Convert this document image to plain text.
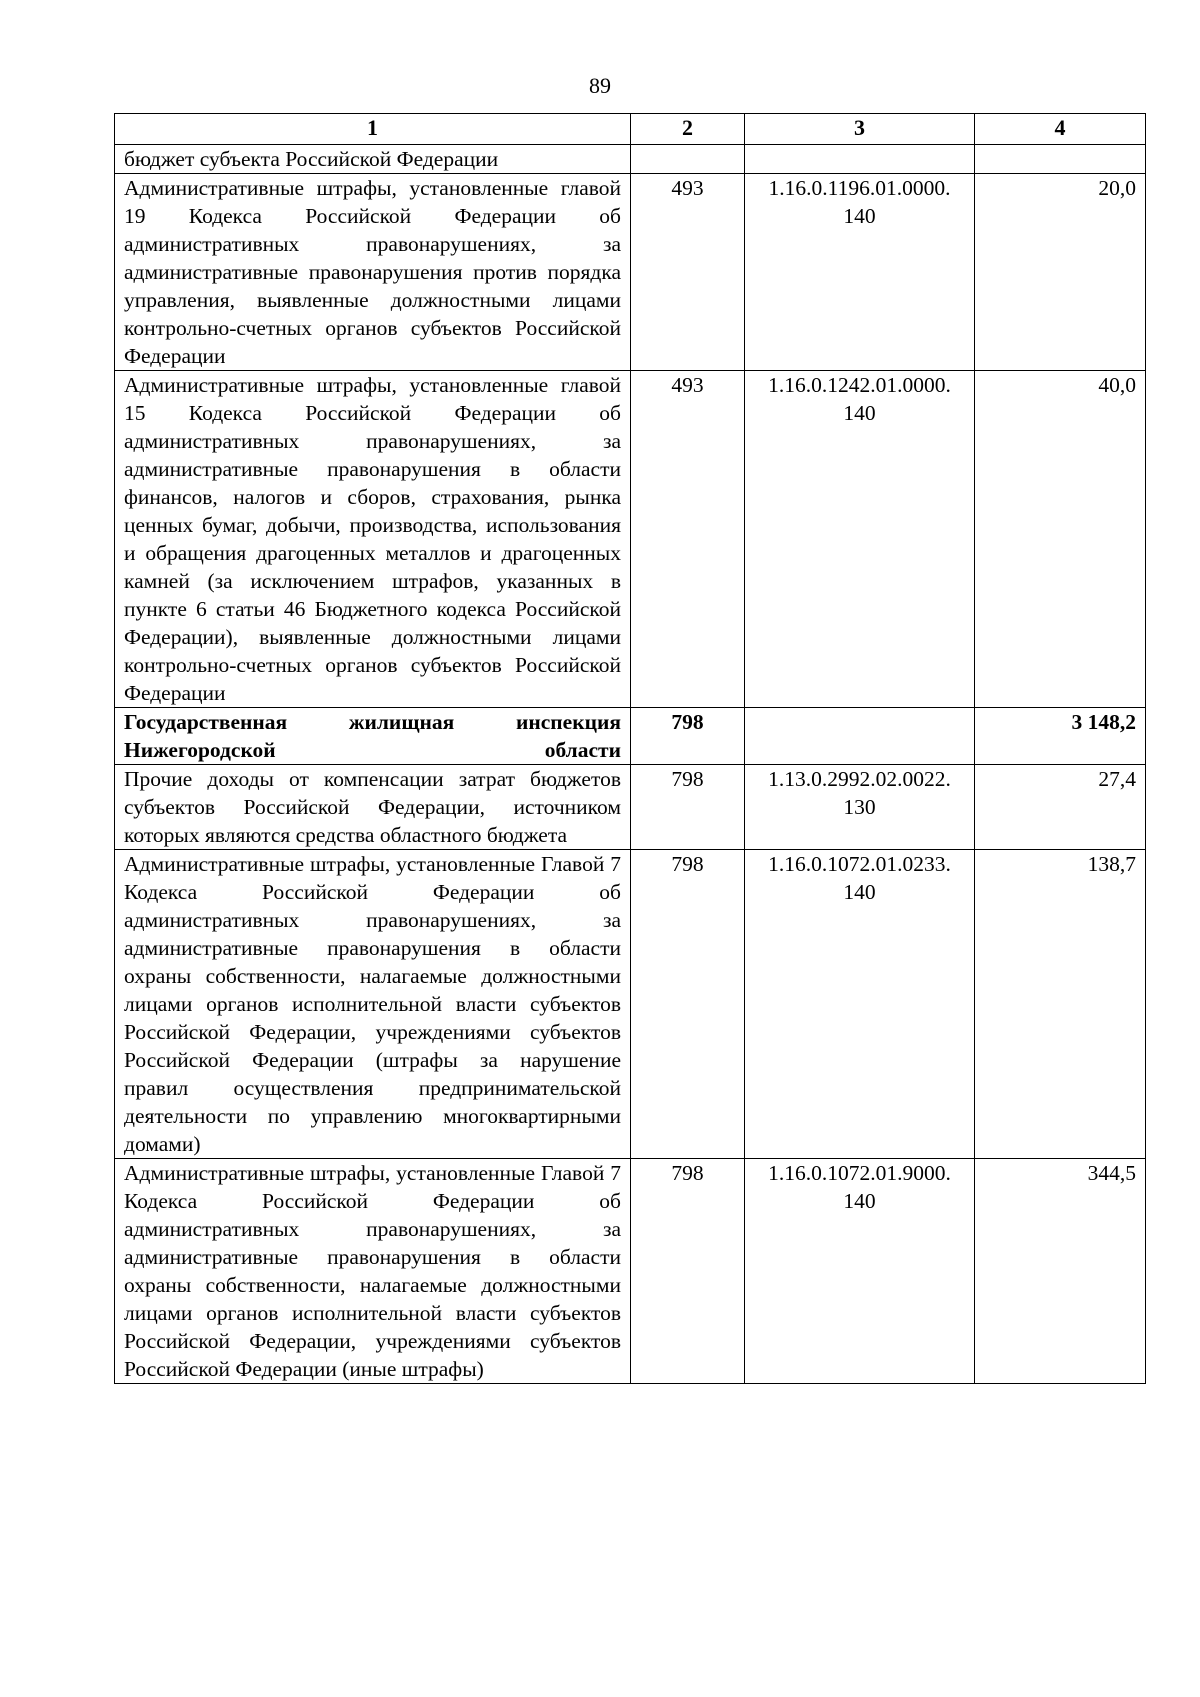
89
1	2	3	4
бюджет субъекта Российской Федерации			
Административные штрафы, установленные главой 19 Кодекса Российской Федерации об административных правонарушениях, за административные правонарушения против порядка управления, выявленные должностными лицами контрольно-счетных органов субъектов Российской Федерации	493	1.16.0.1196.01.0000. 140	20,0
Административные штрафы, установленные главой 15 Кодекса Российской Федерации об административных правонарушениях, за административные правонарушения в области финансов, налогов и сборов, страхования, рынка ценных бумаг, добычи, производства, использования и обращения драгоценных металлов и драгоценных камней (за исключением штрафов, указанных в пункте 6 статьи 46 Бюджетного кодекса Российской Федерации), выявленные должностными лицами контрольно-счетных органов субъектов Российской Федерации	493	1.16.0.1242.01.0000. 140	40,0
Государственная жилищная инспекция Нижегородской области	798		3 148,2
Прочие доходы от компенсации затрат бюджетов субъектов Российской Федерации, источником которых являются средства областного бюджета	798	1.13.0.2992.02.0022. 130	27,4
Административные штрафы, установленные Главой 7 Кодекса Российской Федерации об административных правонарушениях, за административные правонарушения в области охраны собственности, налагаемые должностными лицами органов исполнительной власти субъектов Российской Федерации, учреждениями субъектов Российской Федерации (штрафы за нарушение правил осуществления предпринимательской деятельности по управлению многоквартирными домами)	798	1.16.0.1072.01.0233. 140	138,7
Административные штрафы, установленные Главой 7 Кодекса Российской Федерации об административных правонарушениях, за административные правонарушения в области охраны собственности, налагаемые должностными лицами органов исполнительной власти субъектов Российской Федерации, учреждениями субъектов Российской Федерации (иные штрафы)	798	1.16.0.1072.01.9000. 140	344,5
